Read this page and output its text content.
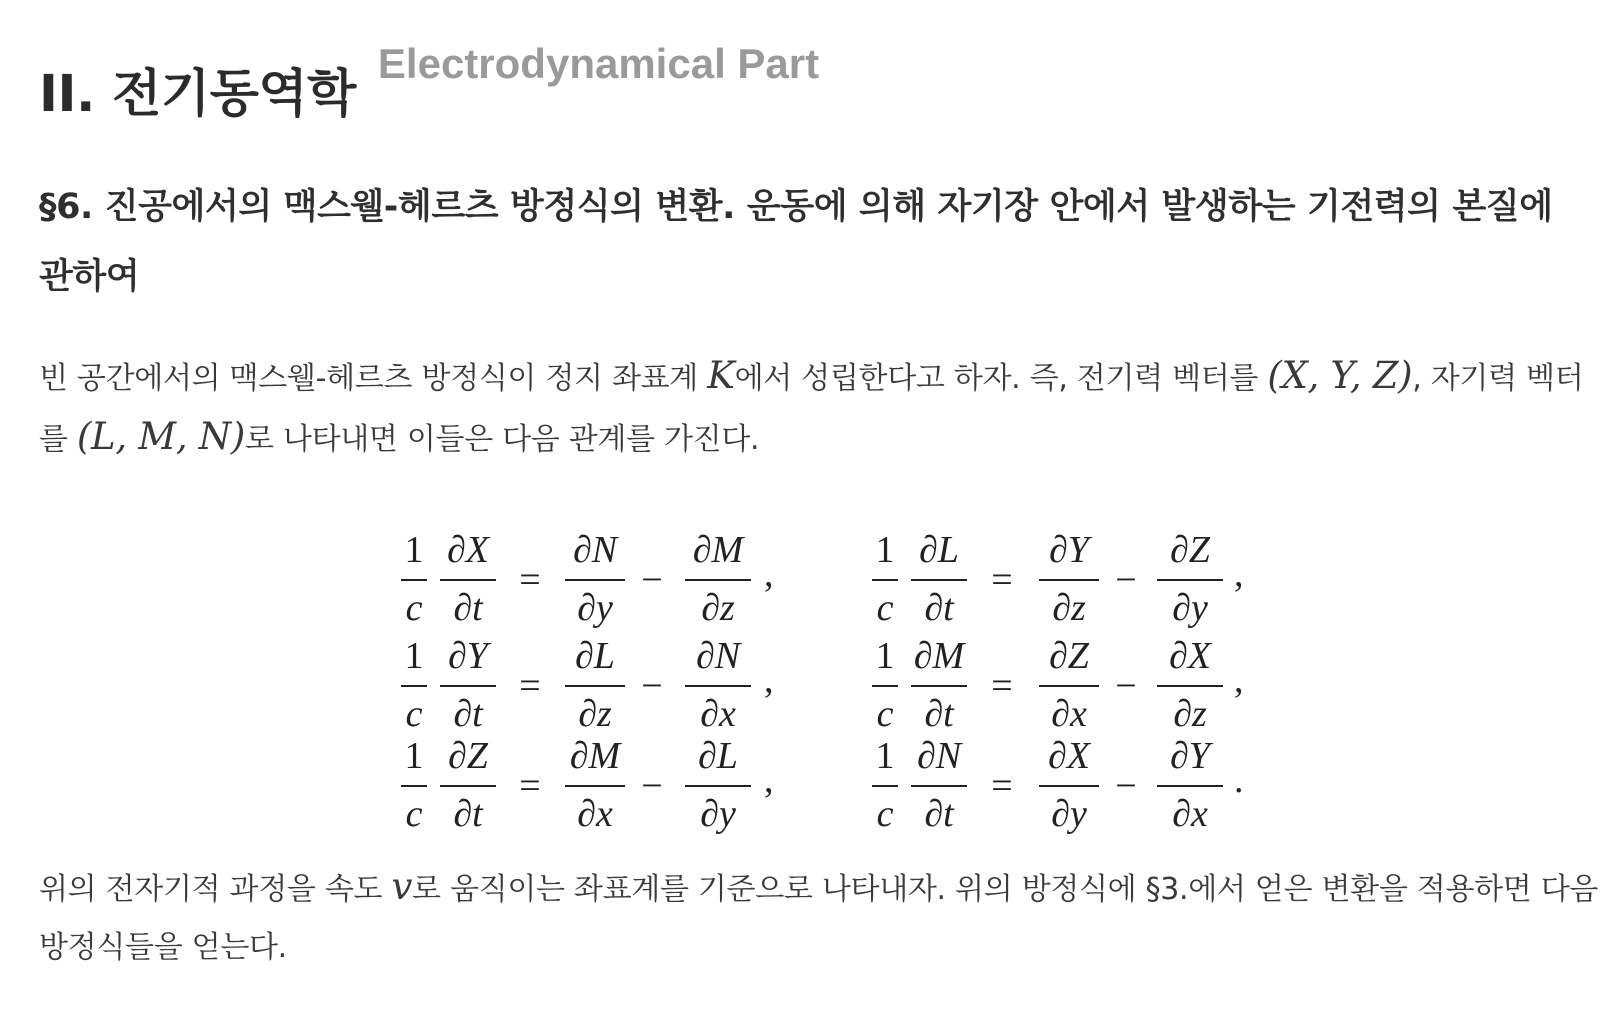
II. 전기동역학Electrodynamical Part
§6. 진공에서의 맥스웰-헤르츠 방정식의 변환. 운동에 의해 자기장 안에서 발생하는 기전력의 본질에 관하여
빈 공간에서의 맥스웰-헤르츠 방정식이 정지 좌표계 K에서 성립한다고 하자. 즉, 전기력 벡터를 (X, Y, Z), 자기력 벡터를 (L, M, N)로 나타내면 이들은 다음 관계를 가진다.
위의 전자기적 과정을 속도 v로 움직이는 좌표계를 기준으로 나타내자. 위의 방정식에 §3.에서 얻은 변환을 적용하면 다음 방정식들을 얻는다.
1
c
∂X
∂t
=
∂N
∂y
−
∂M
∂z
,
1
c
∂Y
∂t
=
∂L
∂z
−
∂N
∂x
,
1
c
∂Z
∂t
=
∂M
∂x
−
∂L
∂y
,
1
c
∂L
∂t
=
∂Y
∂z
−
∂Z
∂y
,
1
c
∂M
∂t
=
∂Z
∂x
−
∂X
∂z
,
1
c
∂N
∂t
=
∂X
∂y
−
∂Y
∂x
.
